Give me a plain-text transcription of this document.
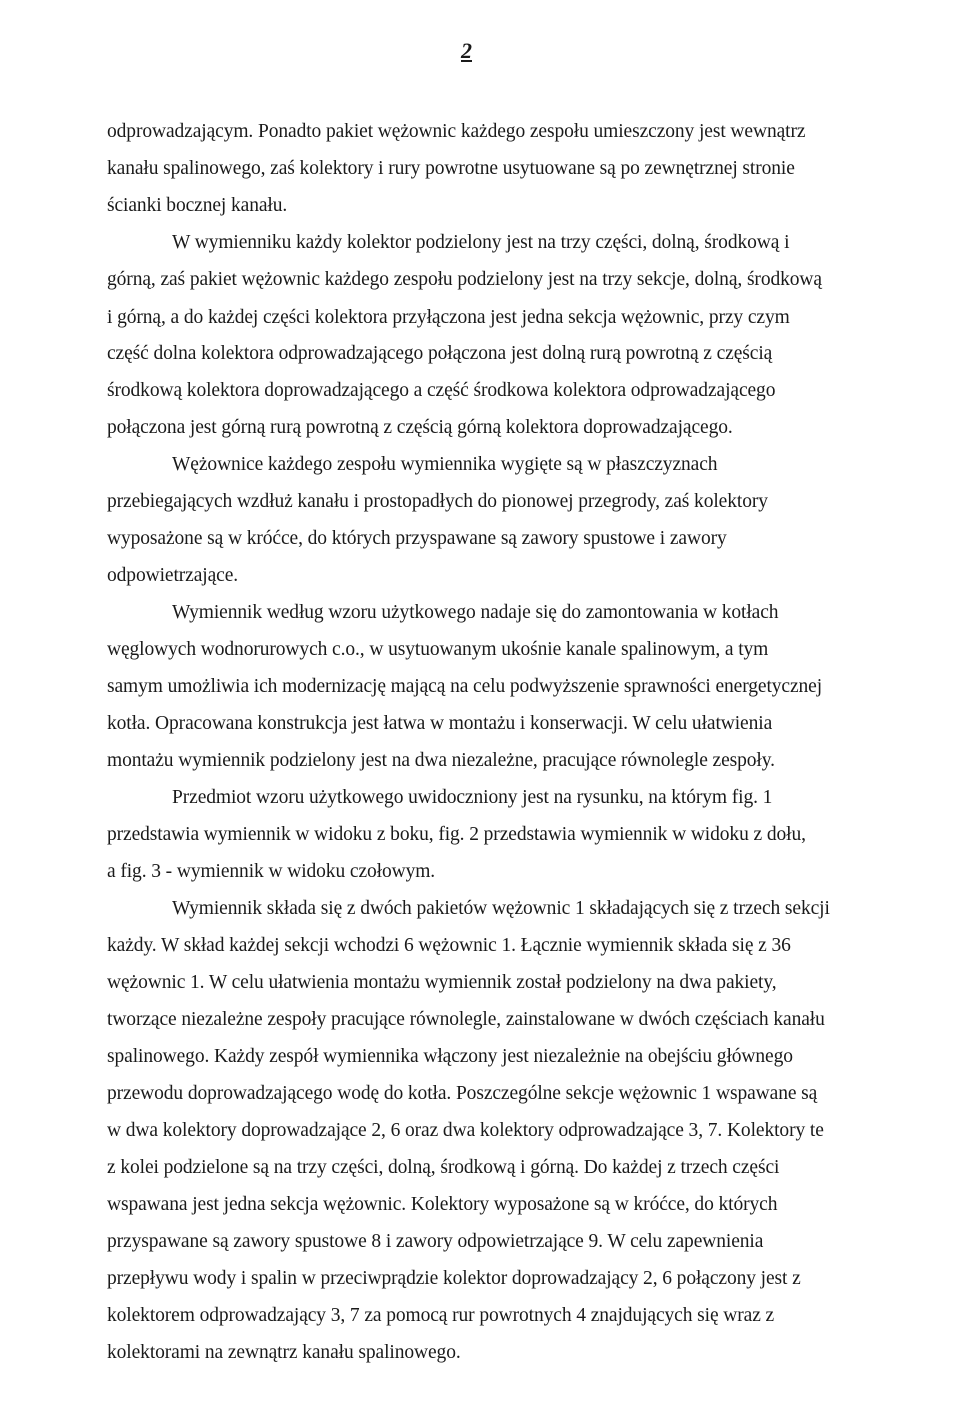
2
odprowadzającym. Ponadto pakiet wężownic każdego zespołu umieszczony jest wewnątrz
kanału spalinowego, zaś kolektory i rury powrotne usytuowane są po zewnętrznej stronie
ścianki bocznej kanału.
W wymienniku każdy kolektor podzielony jest na trzy części, dolną, środkową i
górną, zaś pakiet wężownic każdego zespołu podzielony jest na trzy sekcje, dolną, środkową
i górną, a do każdej części kolektora przyłączona jest jedna sekcja wężownic, przy czym
część dolna kolektora odprowadzającego połączona jest dolną rurą powrotną z częścią
środkową kolektora doprowadzającego a część środkowa kolektora odprowadzającego
połączona jest górną rurą powrotną z częścią górną kolektora doprowadzającego.
Wężownice każdego zespołu wymiennika wygięte są w płaszczyznach
przebiegających wzdłuż kanału i prostopadłych do pionowej przegrody, zaś kolektory
wyposażone są w króćce, do których przyspawane są zawory spustowe i zawory
odpowietrzające.
Wymiennik według wzoru użytkowego nadaje się do zamontowania w kotłach
węglowych wodnorurowych c.o., w usytuowanym ukośnie kanale spalinowym, a tym
samym umożliwia ich modernizację mającą na celu podwyższenie sprawności energetycznej
kotła. Opracowana konstrukcja jest łatwa w montażu i konserwacji. W celu ułatwienia
montażu wymiennik podzielony jest na dwa niezależne, pracujące równolegle zespoły.
Przedmiot wzoru użytkowego uwidoczniony jest na rysunku, na którym fig. 1
przedstawia wymiennik w widoku z boku, fig. 2 przedstawia wymiennik w widoku z dołu,
a fig. 3 - wymiennik w widoku czołowym.
Wymiennik składa się z dwóch pakietów wężownic 1 składających się z trzech sekcji
każdy. W skład każdej sekcji wchodzi 6 wężownic 1. Łącznie wymiennik składa się z 36
wężownic 1. W celu ułatwienia montażu wymiennik został podzielony na dwa pakiety,
tworzące niezależne zespoły pracujące równolegle, zainstalowane w dwóch częściach kanału
spalinowego. Każdy zespół wymiennika włączony jest niezależnie na obejściu głównego
przewodu doprowadzającego wodę do kotła. Poszczególne sekcje wężownic 1 wspawane są
w dwa kolektory doprowadzające 2, 6 oraz dwa kolektory odprowadzające 3, 7. Kolektory te
z kolei podzielone są na trzy części, dolną, środkową i górną. Do każdej z trzech części
wspawana jest jedna sekcja wężownic. Kolektory wyposażone są w króćce, do których
przyspawane są zawory spustowe 8 i zawory odpowietrzające 9. W celu zapewnienia
przepływu wody i spalin w przeciwprądzie kolektor doprowadzający 2, 6 połączony jest z
kolektorem odprowadzający 3, 7 za pomocą rur powrotnych 4 znajdujących się wraz z
kolektorami na zewnątrz kanału spalinowego.
